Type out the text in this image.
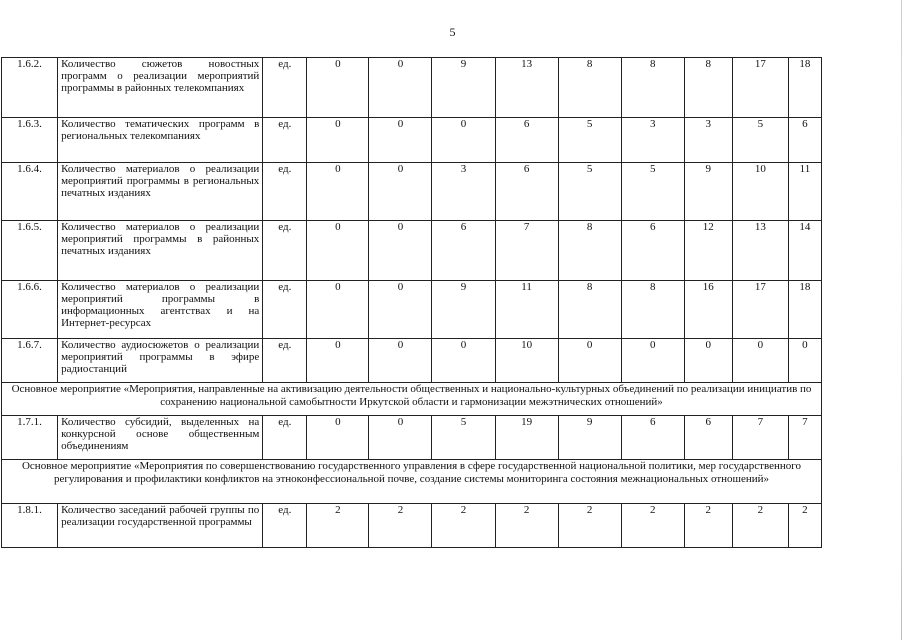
5
1.6.2.	Количество сюжетов новостных программ о реализации мероприятий программы в районных телекомпаниях	ед.	0	0	9	13	8	8	8	17	18
1.6.3.	Количество тематических программ в региональных телекомпаниях	ед.	0	0	0	6	5	3	3	5	6
1.6.4.	Количество материалов о реализации мероприятий программы в региональных печатных изданиях	ед.	0	0	3	6	5	5	9	10	11
1.6.5.	Количество материалов о реализации мероприятий программы в районных печатных изданиях	ед.	0	0	6	7	8	6	12	13	14
1.6.6.	Количество материалов о реализации мероприятий программы в информационных агентствах и на Интернет-ресурсах	ед.	0	0	9	11	8	8	16	17	18
1.6.7.	Количество аудиосюжетов о реализации мероприятий программы в эфире радиостанций	ед.	0	0	0	10	0	0	0	0	0
Основное мероприятие «Мероприятия, направленные на активизацию деятельности общественных и национально-культурных объединений по реализации инициатив по сохранению национальной самобытности Иркутской области и гармонизации межэтнических отношений»											
1.7.1.	Количество субсидий, выделенных на конкурсной основе общественным объединениям	ед.	0	0	5	19	9	6	6	7	7
Основное мероприятие «Мероприятия по совершенствованию государственного управления в сфере государственной национальной политики, мер государственного регулирования и профилактики конфликтов на этноконфессиональной почве, создание системы мониторинга состояния межнациональных отношений»											
1.8.1.	Количество заседаний рабочей группы по реализации государственной программы	ед.	2	2	2	2	2	2	2	2	2
